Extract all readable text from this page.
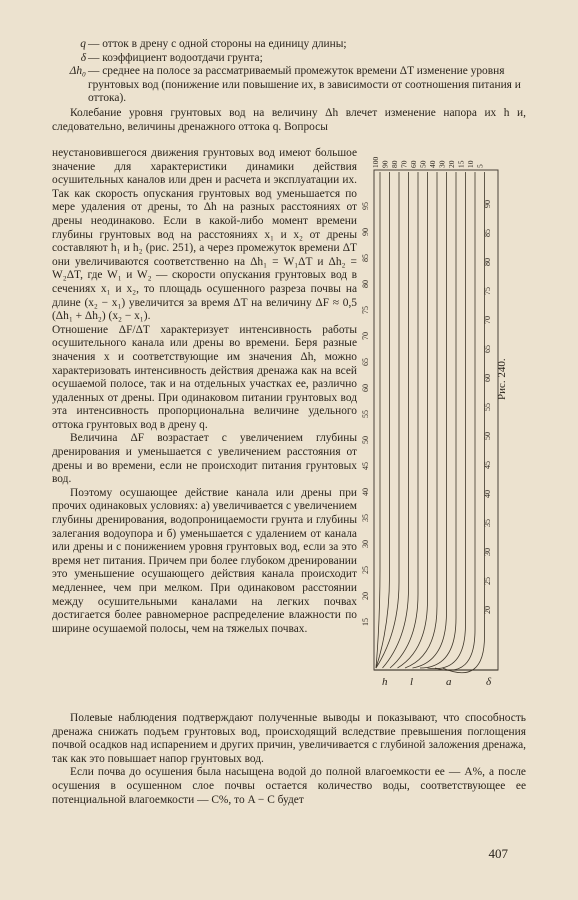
q — отток в дрену с одной стороны на единицу длины;
δ — коэффициент водоотдачи грунта;
Δh₀ — среднее на полосе за рассматриваемый промежуток времени ΔT изменение уровня грунтовых вод (понижение или повышение их, в зависимости от соотношения питания и оттока).

Колебание уровня грунтовых вод на величину Δh влечет изменение напора их h и, следовательно, величины дренажного оттока q. Вопросы

неустановившегося движения грунтовых вод имеют большое значение для характеристики динамики действия осушительных каналов или дрен и расчета и эксплуатации их. Так как скорость опускания грунтовых вод уменьшается по мере удаления от дрены, то Δh на разных расстояниях от дрены неодинаково. Если в какой-либо момент времени глубины грунтовых вод на расстояниях x₁ и x₂ от дрены составляют h₁ и h₂ (рис. 251), а через промежуток времени ΔT они увеличиваются соответственно на Δh₁ = W₁ΔT и Δh₂ = W₂ΔT, где W₁ и W₂ — скорости опускания грунтовых вод в сечениях x₁ и x₂, то площадь осушенного разреза почвы на длине (x₂ − x₁) увеличится за время ΔT на величину ΔF ≈ 0,5 (Δh₁ + Δh₂) (x₂ − x₁).

Отношение ΔF/ΔT характеризует интенсивность работы осушительного канала или дрены во времени. Беря разные значения x и соответствующие им значения Δh, можно характеризовать интенсивность действия дренажа как на всей осушаемой полосе, так и на отдельных участках ее, различно удаленных от дрены. При одинаковом питании грунтовых вод эта интенсивность пропорциональна величине удельного оттока грунтовых вод в дрену q.

Величина ΔF возрастает с увеличением глубины дренирования и уменьшается с увеличением расстояния от дрены и во времени, если не происходит питания грунтовых вод.

Поэтому осушающее действие канала или дрены при прочих одинаковых условиях: а) увеличивается с увеличением глубины дренирования, водопроницаемости грунта и глубины залегания водоупора и б) уменьшается с удалением от канала или дрены и с понижением уровня грунтовых вод, если за это время нет питания. Причем при более глубоком дренировании это уменьшение осушающего действия канала происходит медленнее, чем при мелком. При одинаковом расстоянии между осушительными каналами на легких почвах достигается более равномерное распределение влажности по ширине осушаемой полосы, чем на тяжелых почвах.

100 90 80 70 60 50 40 30 20 15 10 5
95
90
85
80
75
70
65
60
55
50
45
40
35
30
25
20
15
90
85
80
75
70
65
60
55
50
45
40
35
30
25
20
h l	a	δ
Рис. 240.

Полевые наблюдения подтверждают полученные выводы и показывают, что способность дренажа снижать подъем грунтовых вод, происходящий вследствие превышения поглощения почвой осадков над испарением и других причин, увеличивается с глубиной заложения дренажа, так как это повышает напор грунтовых вод.

Если почва до осушения была насыщена водой до полной влагоемкости ее — A%, а после осушения в осушенном слое почвы остается количество воды, соответствующее ее потенциальной влагоемкости — C%, то A − C будет

407
